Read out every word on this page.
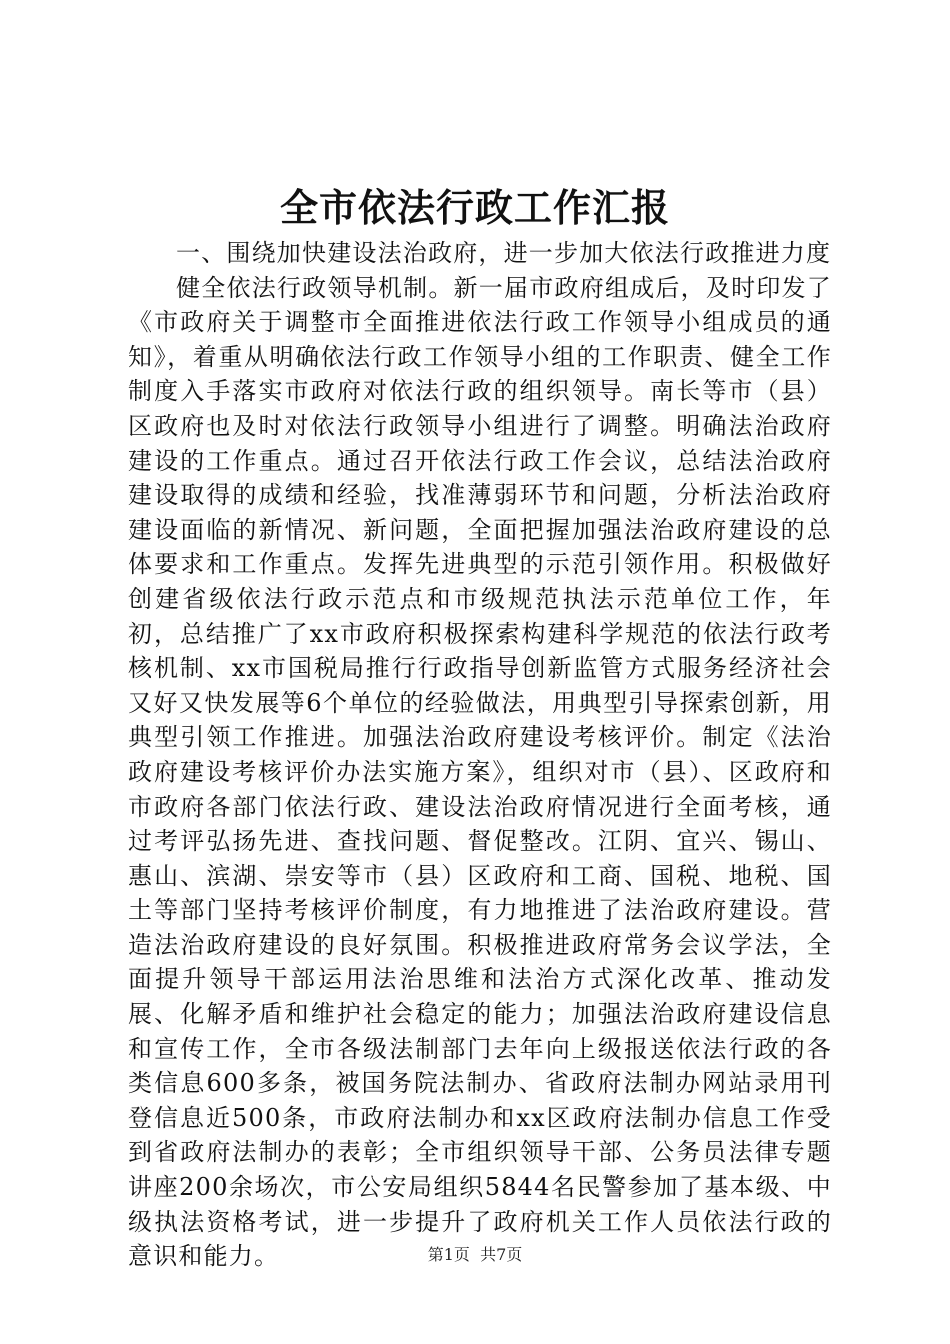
全市依法行政工作汇报

一、围绕加快建设法治政府，进一步加大依法行政推进力度

健全依法行政领导机制。新一届市政府组成后，及时印发了《市政府关于调整市全面推进依法行政工作领导小组成员的通知》，着重从明确依法行政工作领导小组的工作职责、健全工作制度入手落实市政府对依法行政的组织领导。南长等市（县）区政府也及时对依法行政领导小组进行了调整。明确法治政府建设的工作重点。通过召开依法行政工作会议，总结法治政府建设取得的成绩和经验，找准薄弱环节和问题，分析法治政府建设面临的新情况、新问题，全面把握加强法治政府建设的总体要求和工作重点。发挥先进典型的示范引领作用。积极做好创建省级依法行政示范点和市级规范执法示范单位工作，年初，总结推广了xx市政府积极探索构建科学规范的依法行政考核机制、xx市国税局推行行政指导创新监管方式服务经济社会又好又快发展等6个单位的经验做法，用典型引导探索创新，用典型引领工作推进。加强法治政府建设考核评价。制定《法治政府建设考核评价办法实施方案》，组织对市（县）、区政府和市政府各部门依法行政、建设法治政府情况进行全面考核，通过考评弘扬先进、查找问题、督促整改。江阴、宜兴、锡山、惠山、滨湖、崇安等市（县）区政府和工商、国税、地税、国土等部门坚持考核评价制度，有力地推进了法治政府建设。营造法治政府建设的良好氛围。积极推进政府常务会议学法，全面提升领导干部运用法治思维和法治方式深化改革、推动发展、化解矛盾和维护社会稳定的能力；加强法治政府建设信息和宣传工作，全市各级法制部门去年向上级报送依法行政的各类信息600多条，被国务院法制办、省政府法制办网站录用刊登信息近500条，市政府法制办和xx区政府法制办信息工作受到省政府法制办的表彰；全市组织领导干部、公务员法律专题讲座200余场次，市公安局组织5844名民警参加了基本级、中级执法资格考试，进一步提升了政府机关工作人员依法行政的意识和能力。	第1页 共7页
